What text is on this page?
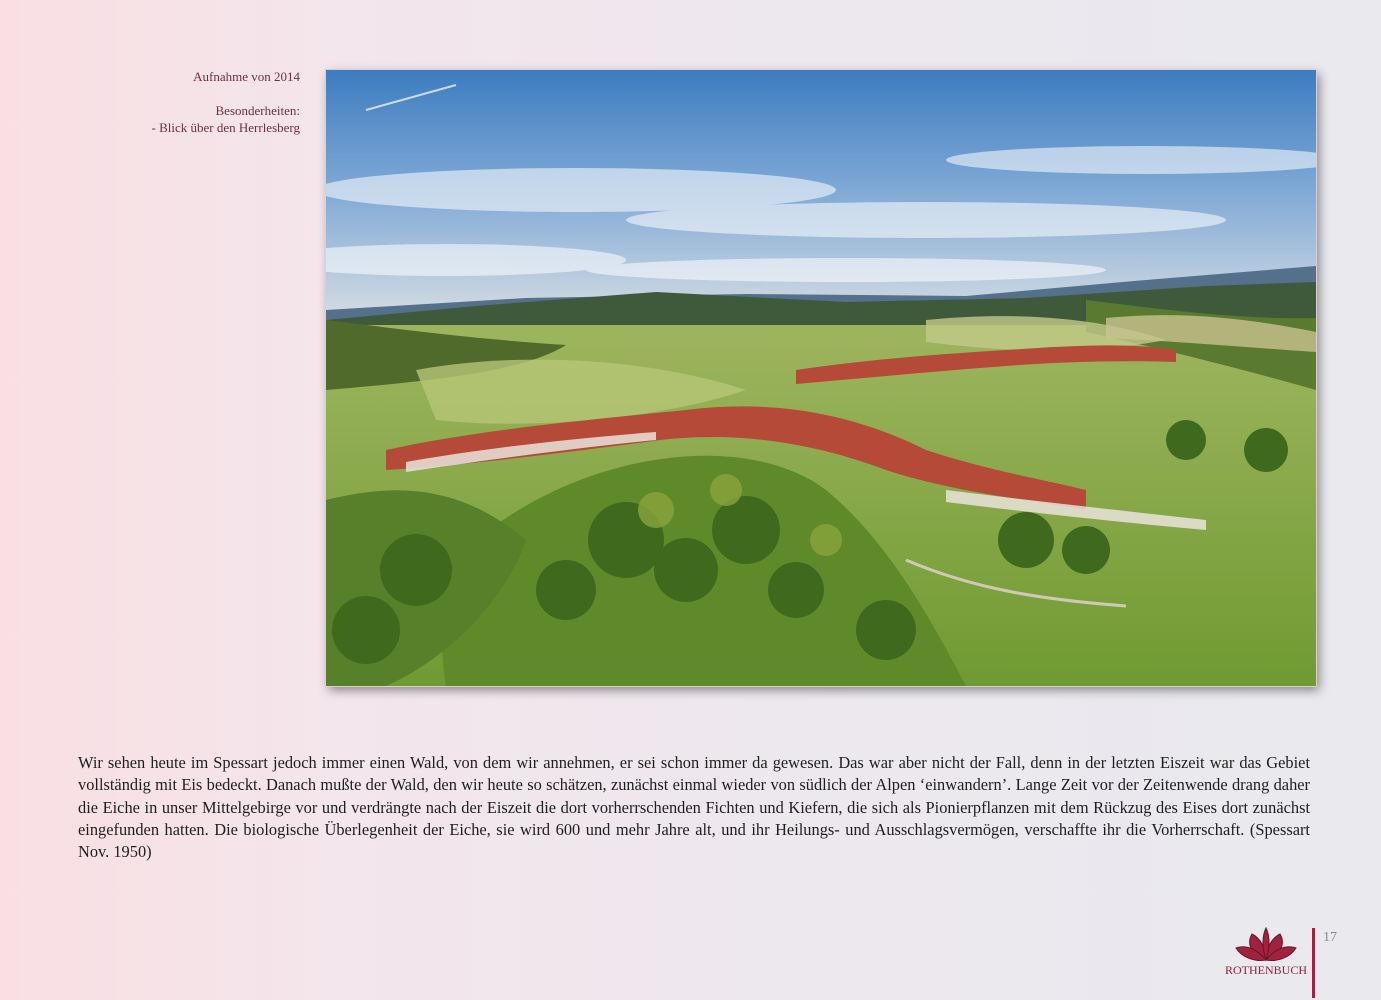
Aufnahme von 2014

Besonderheiten:

- Blick über den Herrlesberg

Wir sehen heute im Spessart jedoch immer einen Wald, von dem wir annehmen, er sei schon immer da gewesen. Das war aber nicht der Fall, denn in der letzten Eiszeit war das Gebiet vollständig mit Eis bedeckt. Danach mußte der Wald, den wir heute so schätzen, zunächst einmal wieder von südlich der Alpen ‘einwandern’. Lange Zeit vor der Zeitenwende drang daher die Eiche in unser Mittelgebirge vor und verdrängte nach der Eiszeit die dort vorherrschenden Fichten und Kiefern, die sich als Pionierpflanzen mit dem Rückzug des Eises dort zunächst eingefunden hatten. Die biologische Überlegenheit der Eiche, sie wird 600 und mehr Jahre alt, und ihr Heilungs- und Ausschlagsvermögen, verschaffte ihr die Vorherrschaft. (Spessart Nov. 1950)

ROTHENBUCH
17
